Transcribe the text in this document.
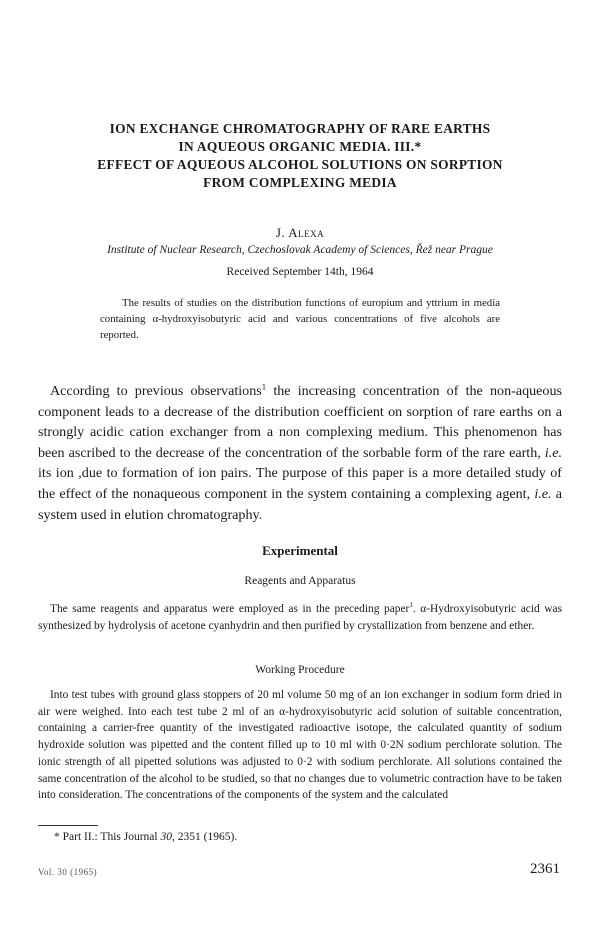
ION EXCHANGE CHROMATOGRAPHY OF RARE EARTHS
IN AQUEOUS ORGANIC MEDIA. III.*
EFFECT OF AQUEOUS ALCOHOL SOLUTIONS ON SORPTION
FROM COMPLEXING MEDIA
J. Alexa
Institute of Nuclear Research, Czechoslovak Academy of Sciences, Řež near Prague
Received September 14th, 1964
The results of studies on the distribution functions of europium and yttrium in media containing α-hydroxyisobutyric acid and various concentrations of five alcohols are reported.
According to previous observations$^1$ the increasing concentration of the non-aqueous component leads to a decrease of the distribution coefficient on sorption of rare earths on a strongly acidic cation exchanger from a non complexing medium. This phenomenon has been ascribed to the decrease of the concentration of the sorbable form of the rare earth, i.e. its ion ,due to formation of ion pairs. The purpose of this paper is a more detailed study of the effect of the nonaqueous component in the system containing a complexing agent, i.e. a system used in elution chromatography.
Experimental
Reagents and Apparatus
The same reagents and apparatus were employed as in the preceding paper$^1$. α-Hydroxyisobutyric acid was synthesized by hydrolysis of acetone cyanhydrin and then purified by crystallization from benzene and ether.
Working Procedure
Into test tubes with ground glass stoppers of 20 ml volume 50 mg of an ion exchanger in sodium form dried in air were weighed. Into each test tube 2 ml of an α-hydroxyisobutyric acid solution of suitable concentration, containing a carrier-free quantity of the investigated radioactive isotope, the calculated quantity of sodium hydroxide solution was pipetted and the content filled up to 10 ml with 0·2N sodium perchlorate solution. The ionic strength of all pipetted solutions was adjusted to 0·2 with sodium perchlorate. All solutions contained the same concentration of the alcohol to be studied, so that no changes due to volumetric contraction have to be taken into consideration. The concentrations of the components of the system and the calculated
* Part II.: This Journal 30, 2351 (1965).
Vol. 30 (1965)	2361
